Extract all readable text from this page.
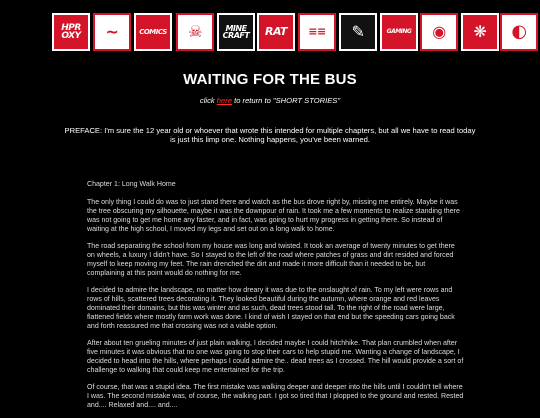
HPR
OXY	~	COMICS	☠	MINE
CRAFT	RAT	≡≡	✎	GAMING	◉	❋	◐
WAITING FOR THE BUS
click here to return to "SHORT STORIES"
PREFACE: I'm sure the 12 year old or whoever that wrote this intended for multiple chapters, but all we have to read today is just this limp one. Nothing happens, you've been warned.

Chapter 1: Long Walk Home

The only thing I could do was to just stand there and watch as the bus drove right by, missing me entirely. Maybe it was the tree obscuring my silhouette, maybe it was the downpour of rain. It took me a few moments to realize standing there was not going to get me home any faster, and in fact, was going to hurt my progress in getting there. So instead of waiting at the high school, I moved my legs and set out on a long walk to home.

The road separating the school from my house was long and twisted. It took an average of twenty minutes to get there on wheels, a luxury I didn't have. So I stayed to the left of the road where patches of grass and dirt resided and forced myself to keep moving my feet. The rain drenched the dirt and made it more difficult than it needed to be, but complaining at this point would do nothing for me.

I decided to admire the landscape, no matter how dreary it was due to the onslaught of rain. To my left were rows and rows of hills, scattered trees decorating it. They looked beautiful during the autumn, where orange and red leaves dominated their domains, but this was winter and as such, dead trees stood tall. To the right of the road were large, flattened fields where mostly farm work was done. I kind of wish I stayed on that end but the speeding cars going back and forth reassured me that crossing was not a viable option.

After about ten grueling minutes of just plain walking, I decided maybe I could hitchhike. That plan crumbled when after five minutes it was obvious that no one was going to stop their cars to help stupid me. Wanting a change of landscape, I decided to head into the hills, where perhaps I could admire the.. dead trees as I crossed. The hill would provide a sort of challenge to walking that could keep me entertained for the trip.

Of course, that was a stupid idea. The first mistake was walking deeper and deeper into the hills until I couldn't tell where I was. The second mistake was, of course, the walking part. I got so tired that I plopped to the ground and rested. Rested and.... Relaxed and.... and....
